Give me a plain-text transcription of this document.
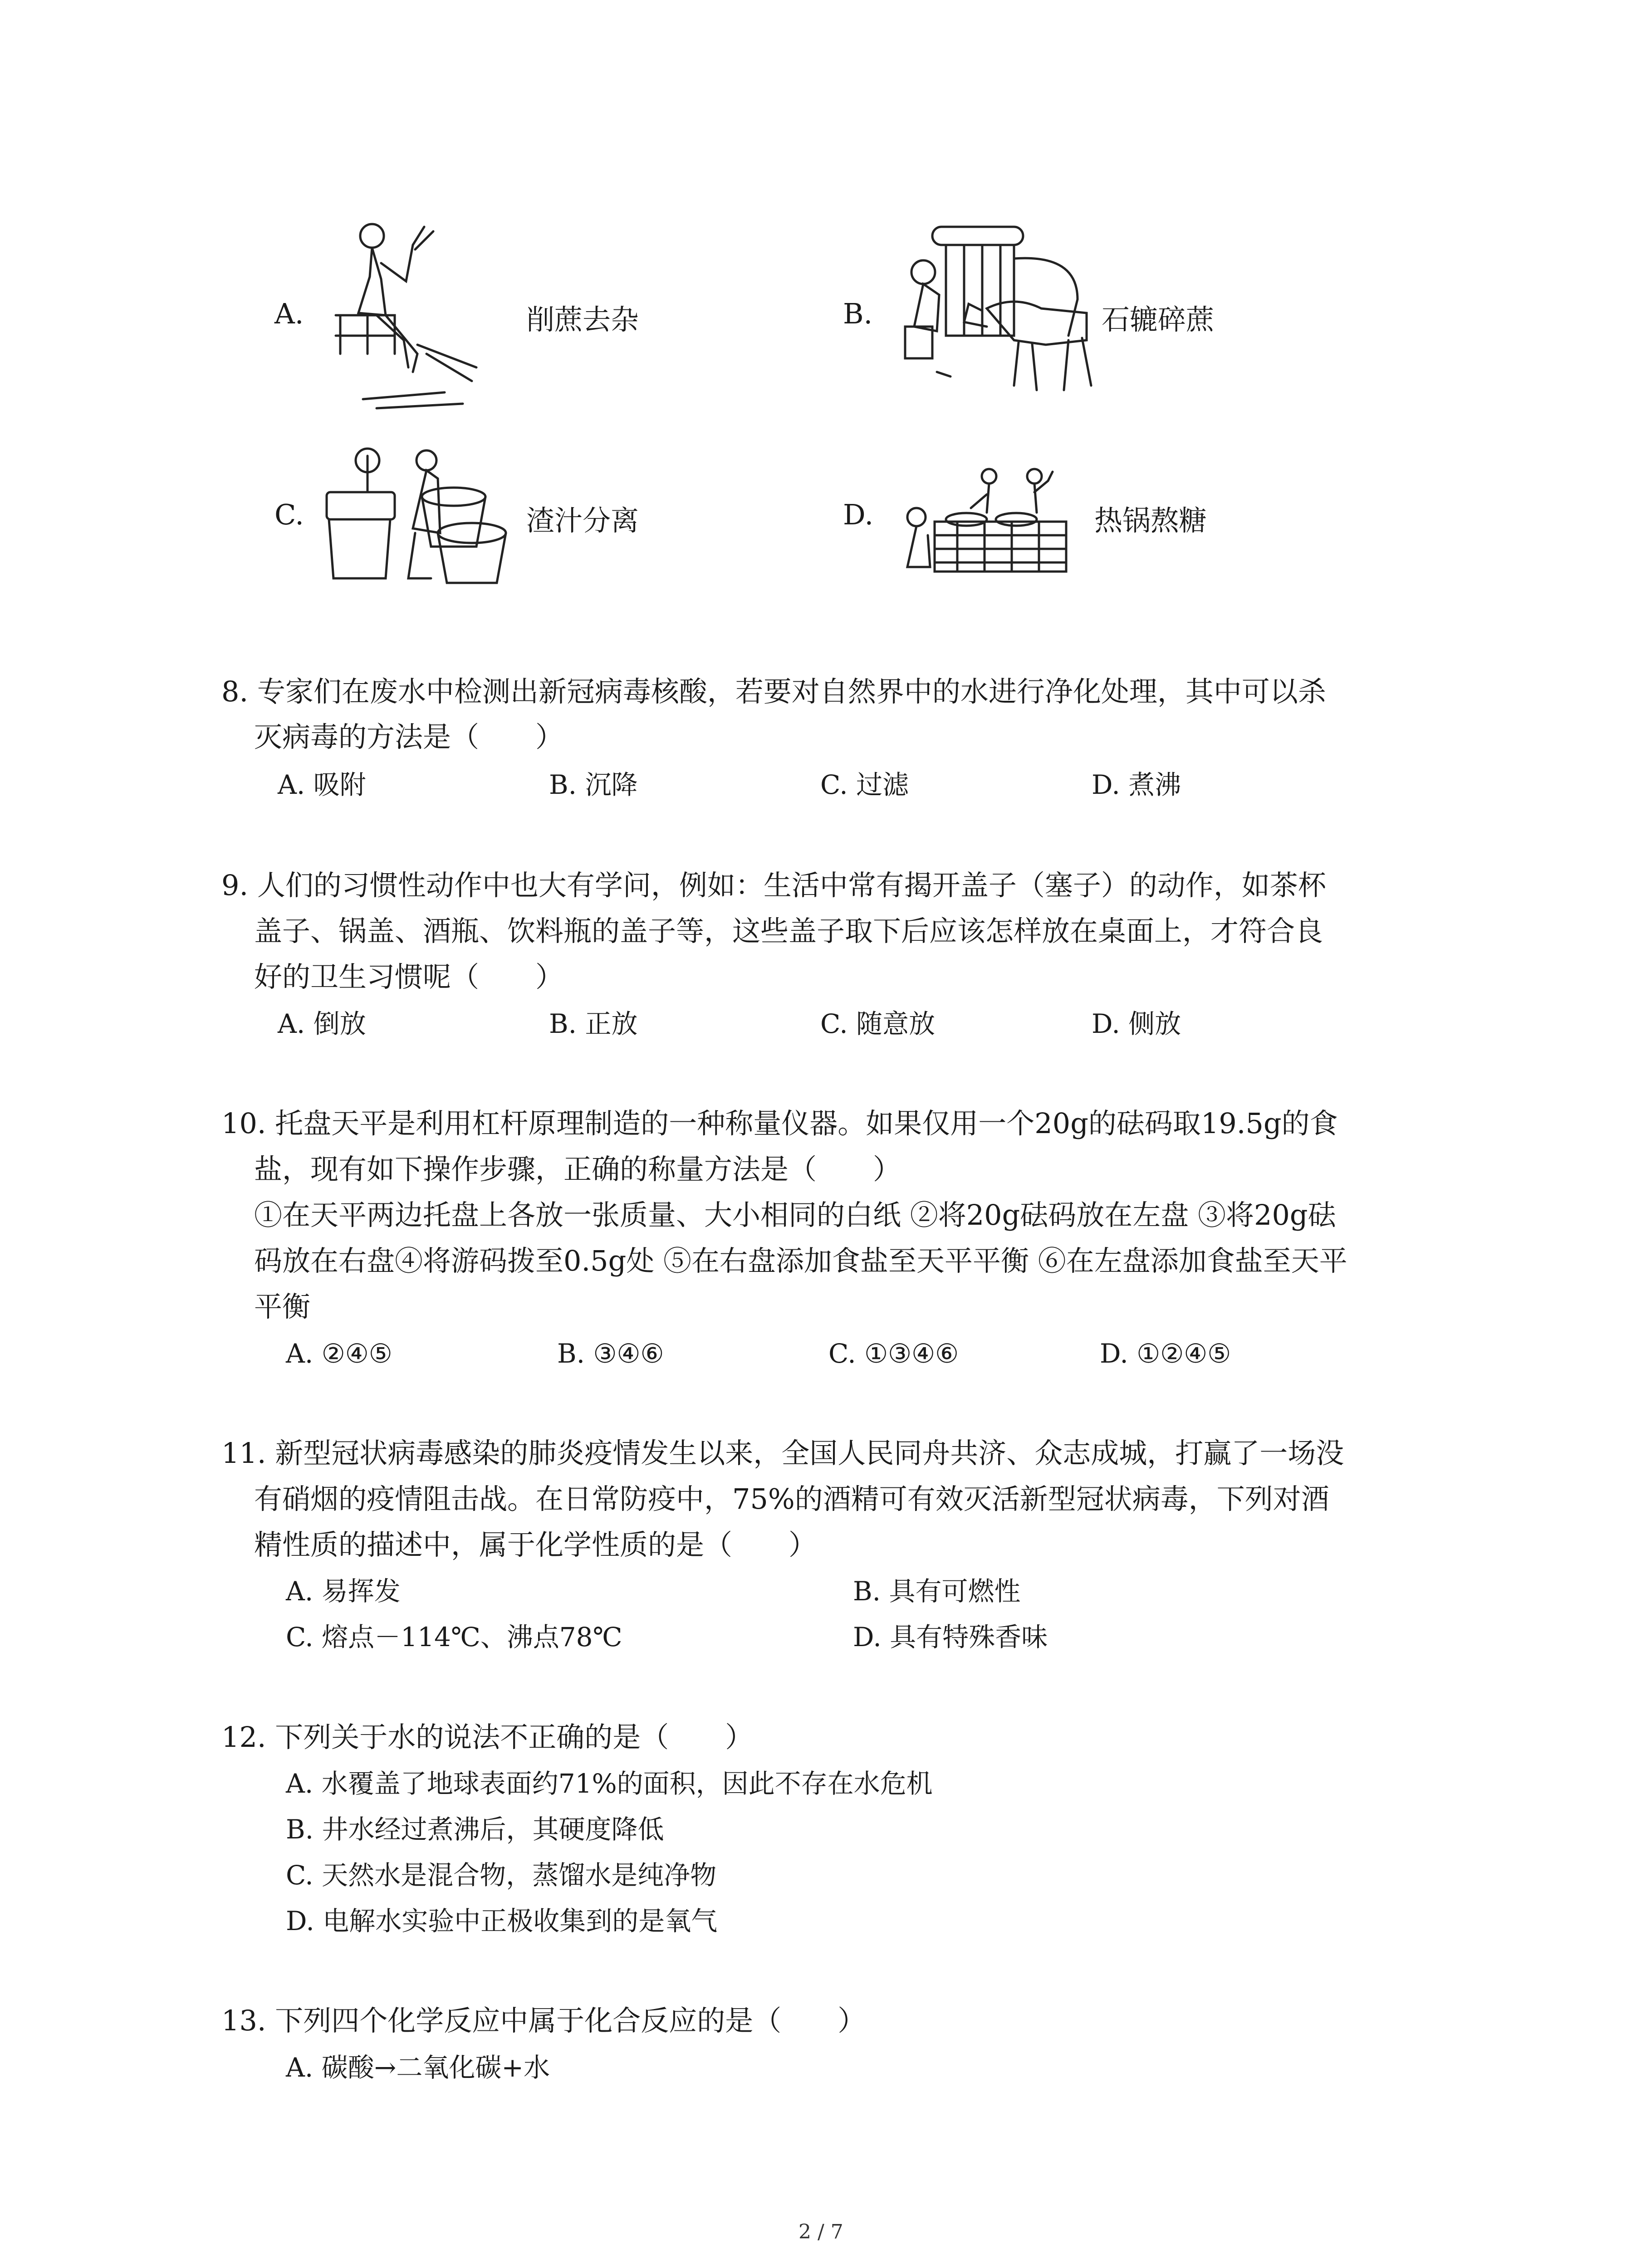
A.	削蔗去杂	B.	石辘碎蔗
C.	渣汁分离	D.	热锅熬糖
8. 专家们在废水中检测出新冠病毒核酸，若要对自然界中的水进行净化处理，其中可以杀
灭病毒的方法是（　　）
A. 吸附	B. 沉降	C. 过滤	D. 煮沸
9. 人们的习惯性动作中也大有学问，例如：生活中常有揭开盖子（塞子）的动作，如茶杯
盖子、锅盖、酒瓶、饮料瓶的盖子等，这些盖子取下后应该怎样放在桌面上，才符合良
好的卫生习惯呢（　　）
A. 倒放	B. 正放	C. 随意放	D. 侧放
10. 托盘天平是利用杠杆原理制造的一种称量仪器。如果仅用一个20g的砝码取19.5g的食
盐，现有如下操作步骤，正确的称量方法是（　　）
①在天平两边托盘上各放一张质量、大小相同的白纸 ②将20g砝码放在左盘 ③将20g砝
码放在右盘④将游码拨至0.5g处 ⑤在右盘添加食盐至天平平衡 ⑥在左盘添加食盐至天平
平衡
A. ②④⑤	B. ③④⑥	C. ①③④⑥	D. ①②④⑤
11. 新型冠状病毒感染的肺炎疫情发生以来，全国人民同舟共济、众志成城，打赢了一场没
有硝烟的疫情阻击战。在日常防疫中，75%的酒精可有效灭活新型冠状病毒，下列对酒
精性质的描述中，属于化学性质的是（　　）
A. 易挥发	B. 具有可燃性
C. 熔点－114℃、沸点78℃	D. 具有特殊香味
12. 下列关于水的说法不正确的是（　　）
A. 水覆盖了地球表面约71%的面积，因此不存在水危机
B. 井水经过煮沸后，其硬度降低
C. 天然水是混合物，蒸馏水是纯净物
D. 电解水实验中正极收集到的是氧气
13. 下列四个化学反应中属于化合反应的是（　　）
A. 碳酸→二氧化碳+水
2 / 7
